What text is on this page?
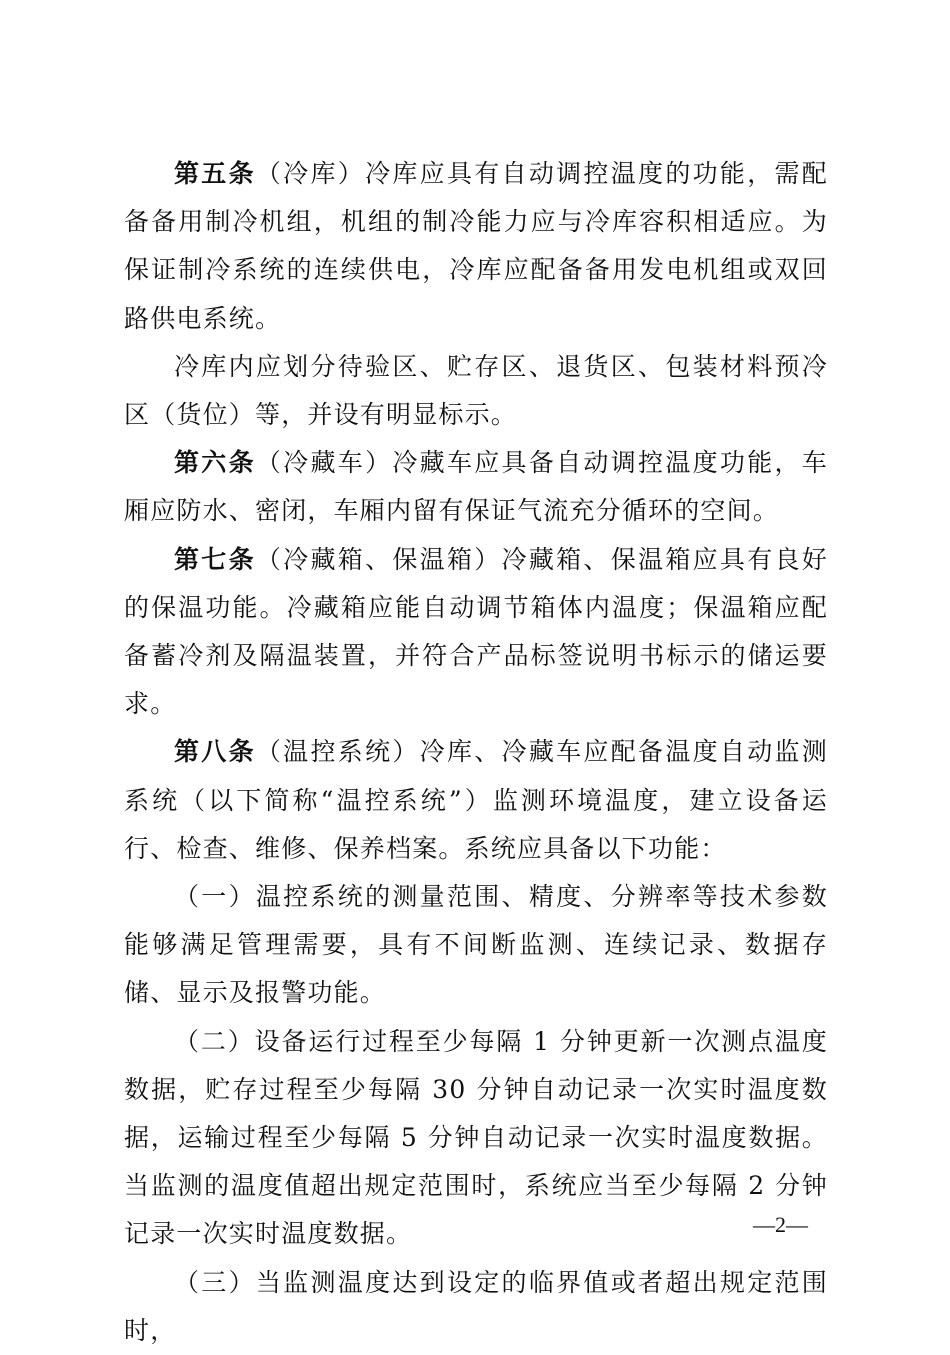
第五条（冷库）冷库应具有自动调控温度的功能，需配备备用制冷机组，机组的制冷能力应与冷库容积相适应。为保证制冷系统的连续供电，冷库应配备备用发电机组或双回路供电系统。

冷库内应划分待验区、贮存区、退货区、包装材料预冷区（货位）等，并设有明显标示。

第六条（冷藏车）冷藏车应具备自动调控温度功能，车厢应防水、密闭，车厢内留有保证气流充分循环的空间。

第七条（冷藏箱、保温箱）冷藏箱、保温箱应具有良好的保温功能。冷藏箱应能自动调节箱体内温度；保温箱应配备蓄冷剂及隔温装置，并符合产品标签说明书标示的储运要求。

第八条（温控系统）冷库、冷藏车应配备温度自动监测系统（以下简称“温控系统”）监测环境温度，建立设备运行、检查、维修、保养档案。系统应具备以下功能：

（一）温控系统的测量范围、精度、分辨率等技术参数能够满足管理需要，具有不间断监测、连续记录、数据存储、显示及报警功能。

（二）设备运行过程至少每隔 1 分钟更新一次测点温度数据，贮存过程至少每隔 30 分钟自动记录一次实时温度数据，运输过程至少每隔 5 分钟自动记录一次实时温度数据。当监测的温度值超出规定范围时，系统应当至少每隔 2 分钟记录一次实时温度数据。

（三）当监测温度达到设定的临界值或者超出规定范围时，

—2—
